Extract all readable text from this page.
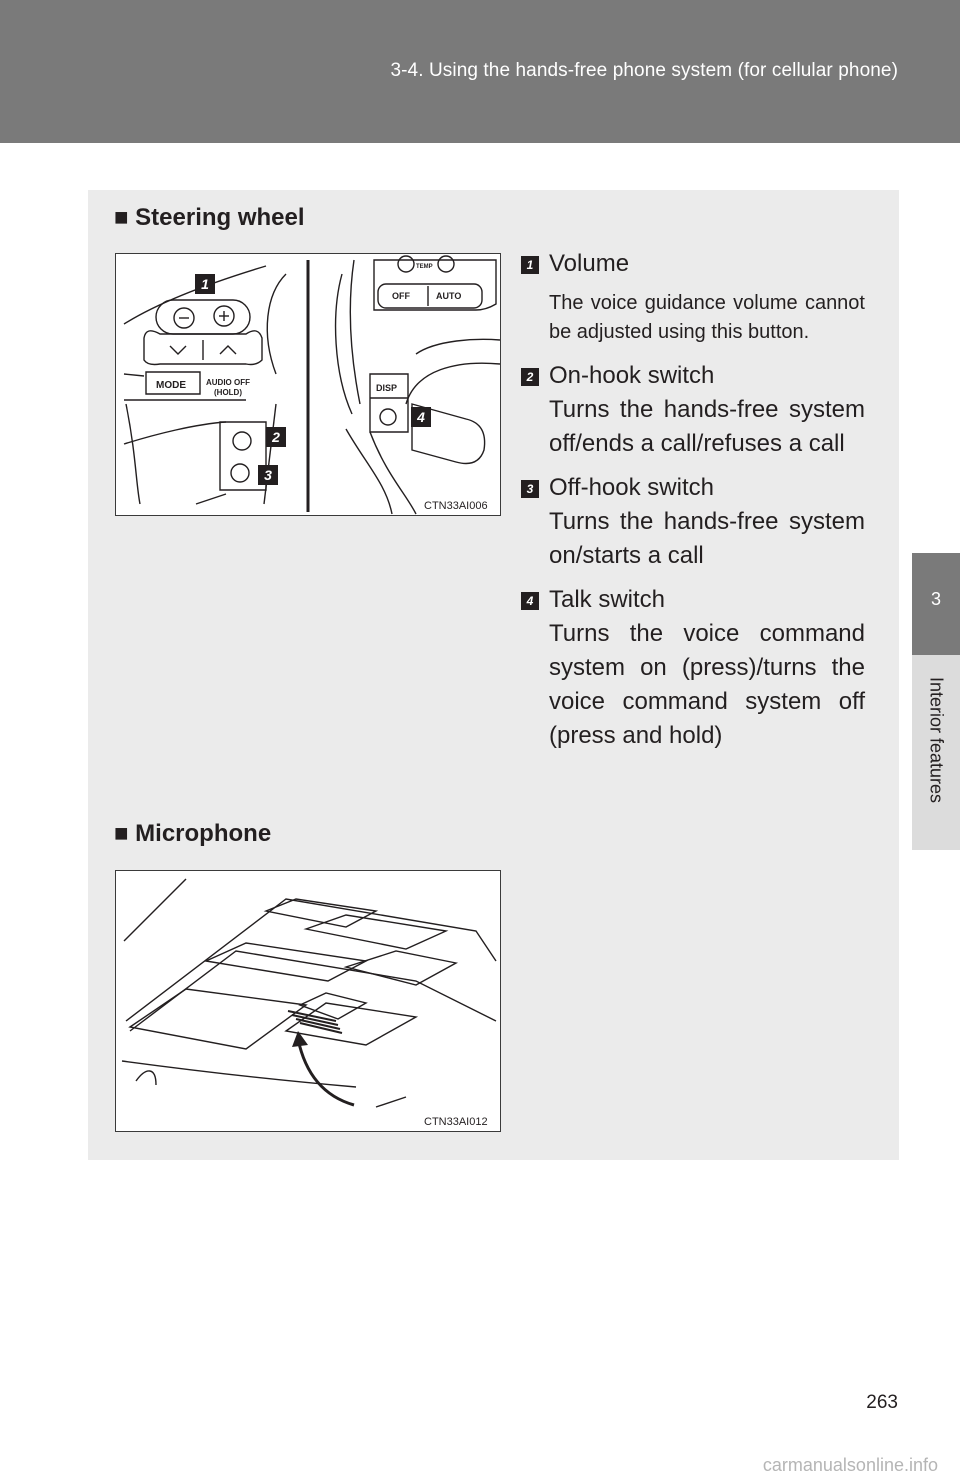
3-4. Using the hands-free phone system (for cellular phone)
3
Interior features
■ Steering wheel
MODE	AUDIO OFF
(HOLD)
OFF	AUTO
DISP
TEMP
1
2
3
4
CTN33AI006
1 Volume
The voice guidance volume cannot be adjusted using this button.
2 On-hook switch
Turns the hands-free system off/ends a call/refuses a call
3 Off-hook switch
Turns the hands-free system on/starts a call
4 Talk switch
Turns the voice command system on (press)/turns the voice command system off (press and hold)
■ Microphone
CTN33AI012
263
carmanualsonline.info
